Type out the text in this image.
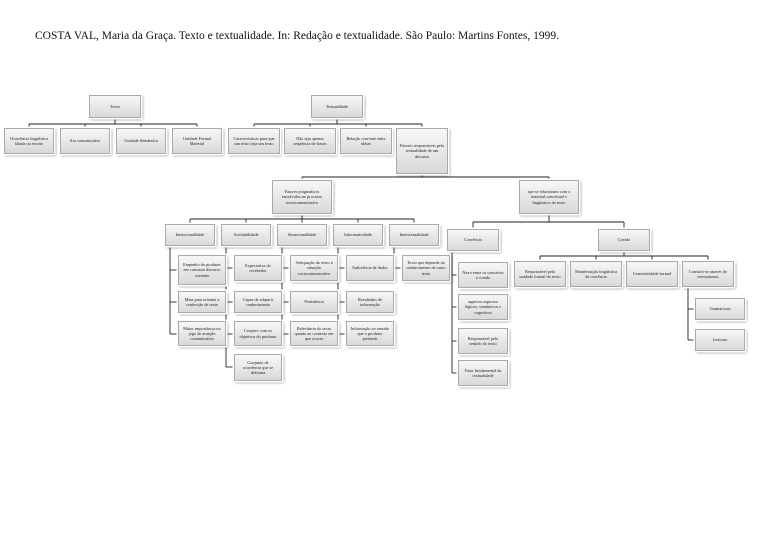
COSTA VAL, Maria da Graça. Texto e textualidade. In: Redação e textualidade. São Paulo: Martins Fontes, 1999.
Texto
Ocorrência lingüística falada ou escrita
Ato comunicativo	Unidade Semântica
Unidade Formal Material
Textualidade
Características para que um texto seja um texto
Não seja apenas sequência de frases
Relação coerente entre idéias	Fatores responsáveis pela textualidade de um discurso
Fatores pragmáticos envolvidos no processo sociocomunicativo
que se relacionam com o material conceitual e lingüístico do texto
Intencionalidade	Aceitabilidade	Situacionalidade	Informatividade	Intertextualidade
Coerência	Coesão
Empenho do produtor em construir discurso coerente
Meta para orientar a confecção de texto
Maior importância no jogo de atuação comunicativa
Expectativa do recebedor
Capaz de adquirir conhecimento
Coopere com os objetivos do produtor
Conjunto de ocorrência que se defronta
Adequação do texto à situação sociocomunicativa
Pertinência
Relevância do texto quanto ao contexto em que ocorre
Suficiência de dados
Resultados de informação
Informação ao sentido que o produtor pretende
Texto que depende do conhecimento de outro texto	Nexo entre os conceitos a coesão
aspectos aspectos lógicos, semânticos e cognitivos
Responsável pelo sentido do texto
Fator fundamental da textualidade
Responsável pela unidade formal do texto
Manifestação lingüística da coerência
Consistividade textual
Constrói-se através de mecanismos
Gramaticais
Lexicais
